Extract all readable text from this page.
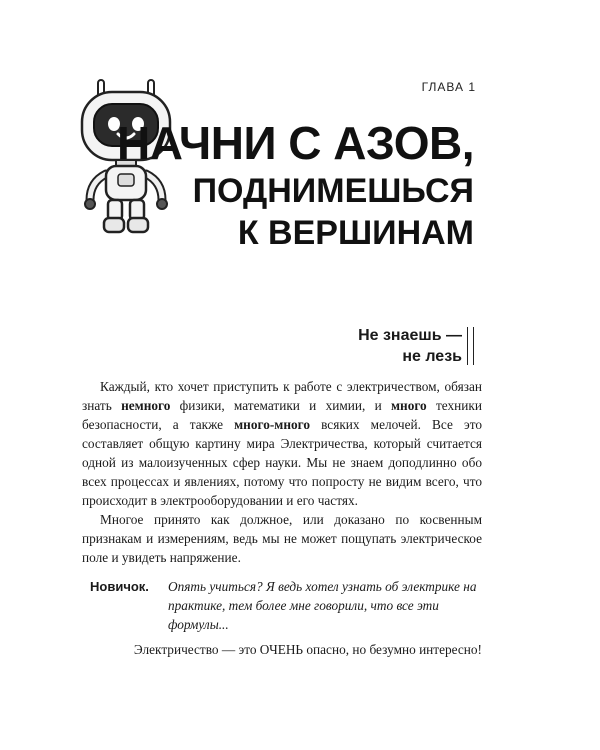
ГЛАВА 1
НАЧНИ С АЗОВ,
ПОДНИМЕШЬСЯ
К ВЕРШИНАМ
Не знаешь —
не лезь

Каждый, кто хочет приступить к работе с электричеством, обязан знать немного физики, математики и химии, и много техники безопасности, а также много-много всяких мелочей. Все это составляет общую картину мира Электричества, который считается одной из малоизученных сфер науки. Мы не знаем доподлинно обо всех процессах и явлениях, потому что попросту не видим всего, что происходит в электрооборудовании и его частях.

Многое принято как должное, или доказано по косвенным признакам и измерениям, ведь мы не может пощупать электрическое поле и увидеть напряжение.

Новичок. Опять учиться? Я ведь хотел узнать об электрике на практике, тем более мне говорили, что все эти формулы...
Электричество — это ОЧЕНЬ опасно, но безумно интересно!
